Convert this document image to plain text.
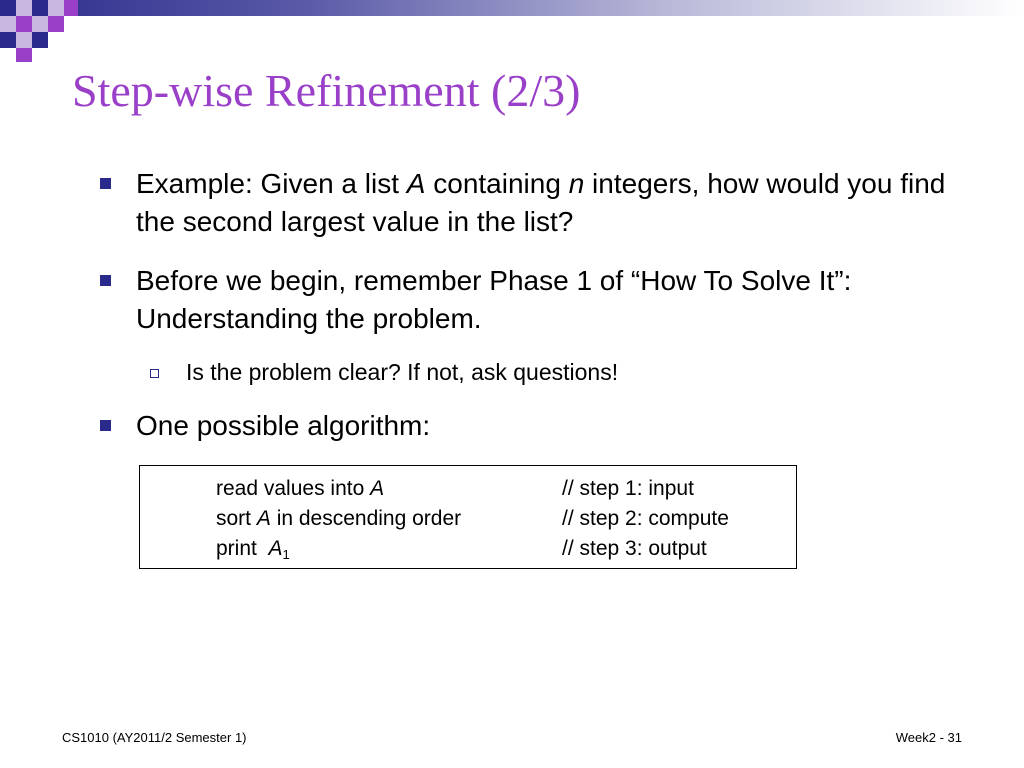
Step-wise Refinement (2/3)
Example: Given a list A containing n integers, how would you find the second largest value in the list?
Before we begin, remember Phase 1 of “How To Solve It”: Understanding the problem.
Is the problem clear? If not, ask questions!
One possible algorithm:
read values into A	// step 1: input
sort A in descending order	// step 2: compute
print  $A_1$	// step 3: output
CS1010 (AY2011/2 Semester 1)	Week2 - 31
